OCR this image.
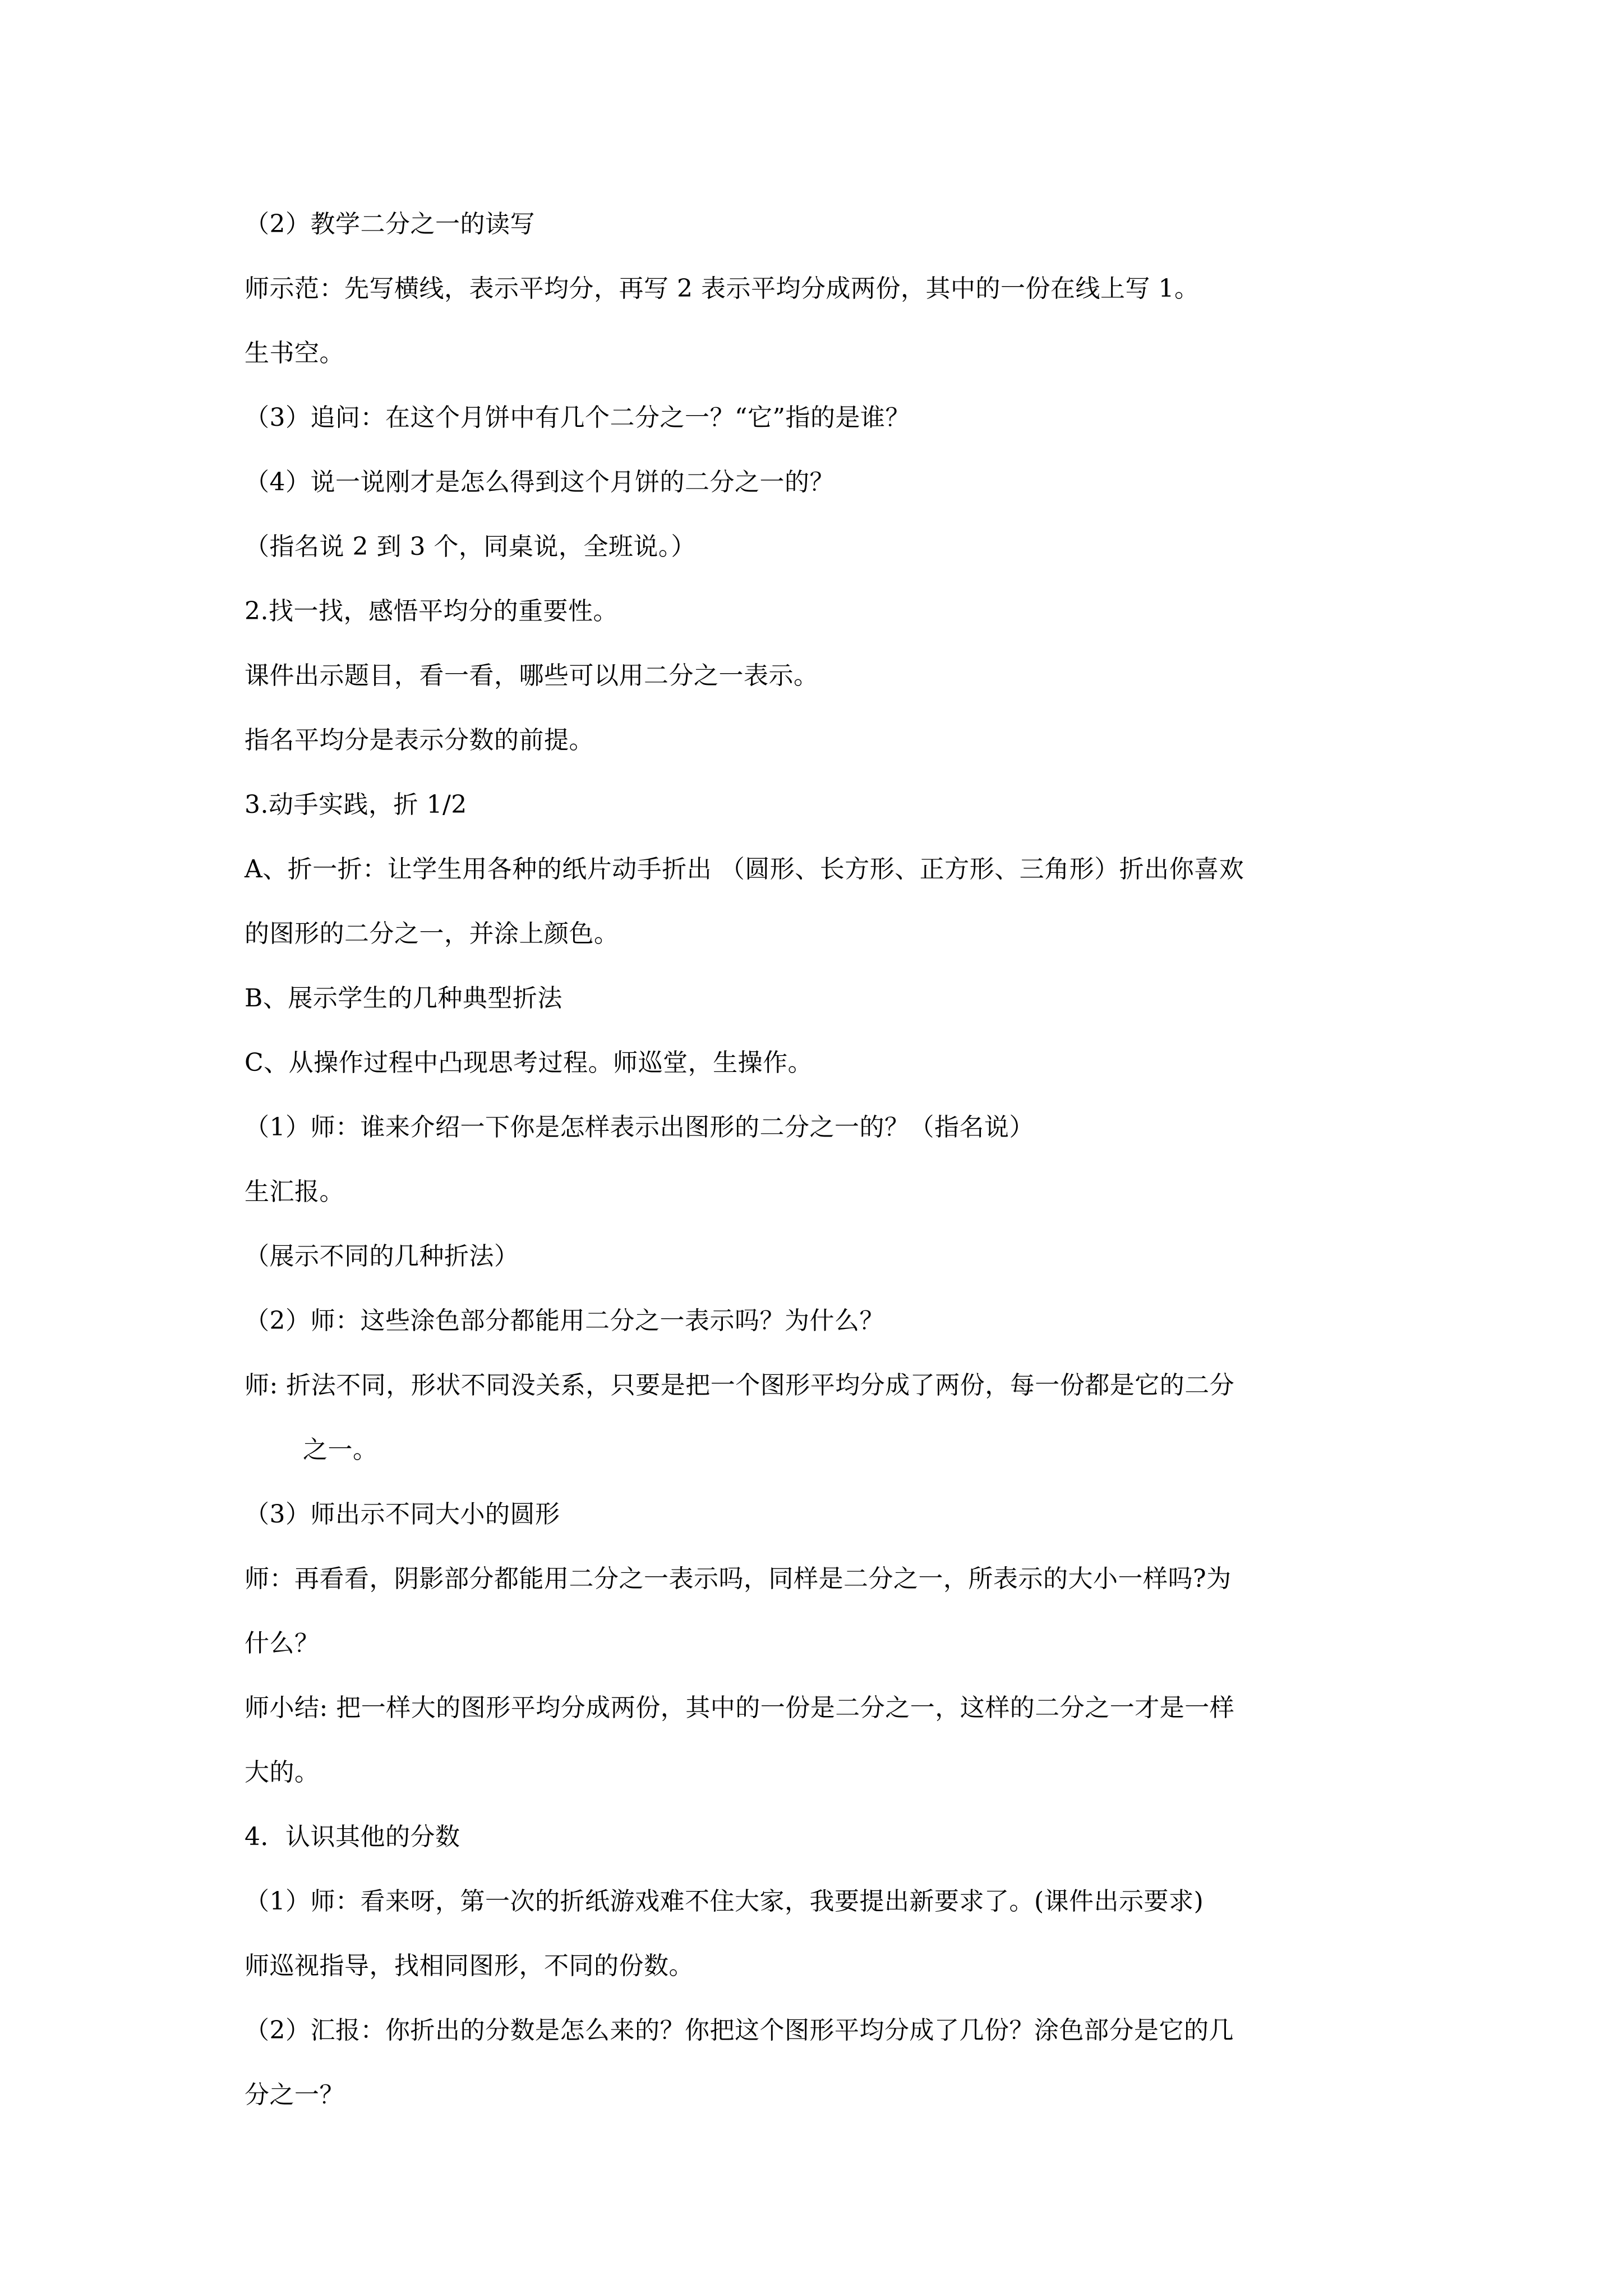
（2）教学二分之一的读写

师示范：先写横线，表示平均分，再写 2 表示平均分成两份，其中的一份在线上写 1。

生书空。

（3）追问：在这个月饼中有几个二分之一？“它”指的是谁？

（4）说一说刚才是怎么得到这个月饼的二分之一的？

（指名说 2 到 3 个，同桌说，全班说。）

2.找一找，感悟平均分的重要性。

课件出示题目，看一看，哪些可以用二分之一表示。

指名平均分是表示分数的前提。

3.动手实践，折 1/2

A、折一折：让学生用各种的纸片动手折出 （圆形、长方形、正方形、三角形）折出你喜欢

的图形的二分之一，并涂上颜色。

B、展示学生的几种典型折法

C、从操作过程中凸现思考过程。师巡堂，生操作。

（1）师：谁来介绍一下你是怎样表示出图形的二分之一的？（指名说）

生汇报。

（展示不同的几种折法）

（2）师：这些涂色部分都能用二分之一表示吗？为什么？

师: 折法不同，形状不同没关系，只要是把一个图形平均分成了两份，每一份都是它的二分

之一。

（3）师出示不同大小的圆形

师：再看看，阴影部分都能用二分之一表示吗，同样是二分之一，所表示的大小一样吗?为

什么？

师小结: 把一样大的图形平均分成两份，其中的一份是二分之一，这样的二分之一才是一样

大的。

4．认识其他的分数

（1）师：看来呀，第一次的折纸游戏难不住大家，我要提出新要求了。(课件出示要求)

师巡视指导，找相同图形，不同的份数。

（2）汇报：你折出的分数是怎么来的？你把这个图形平均分成了几份？涂色部分是它的几

分之一？
